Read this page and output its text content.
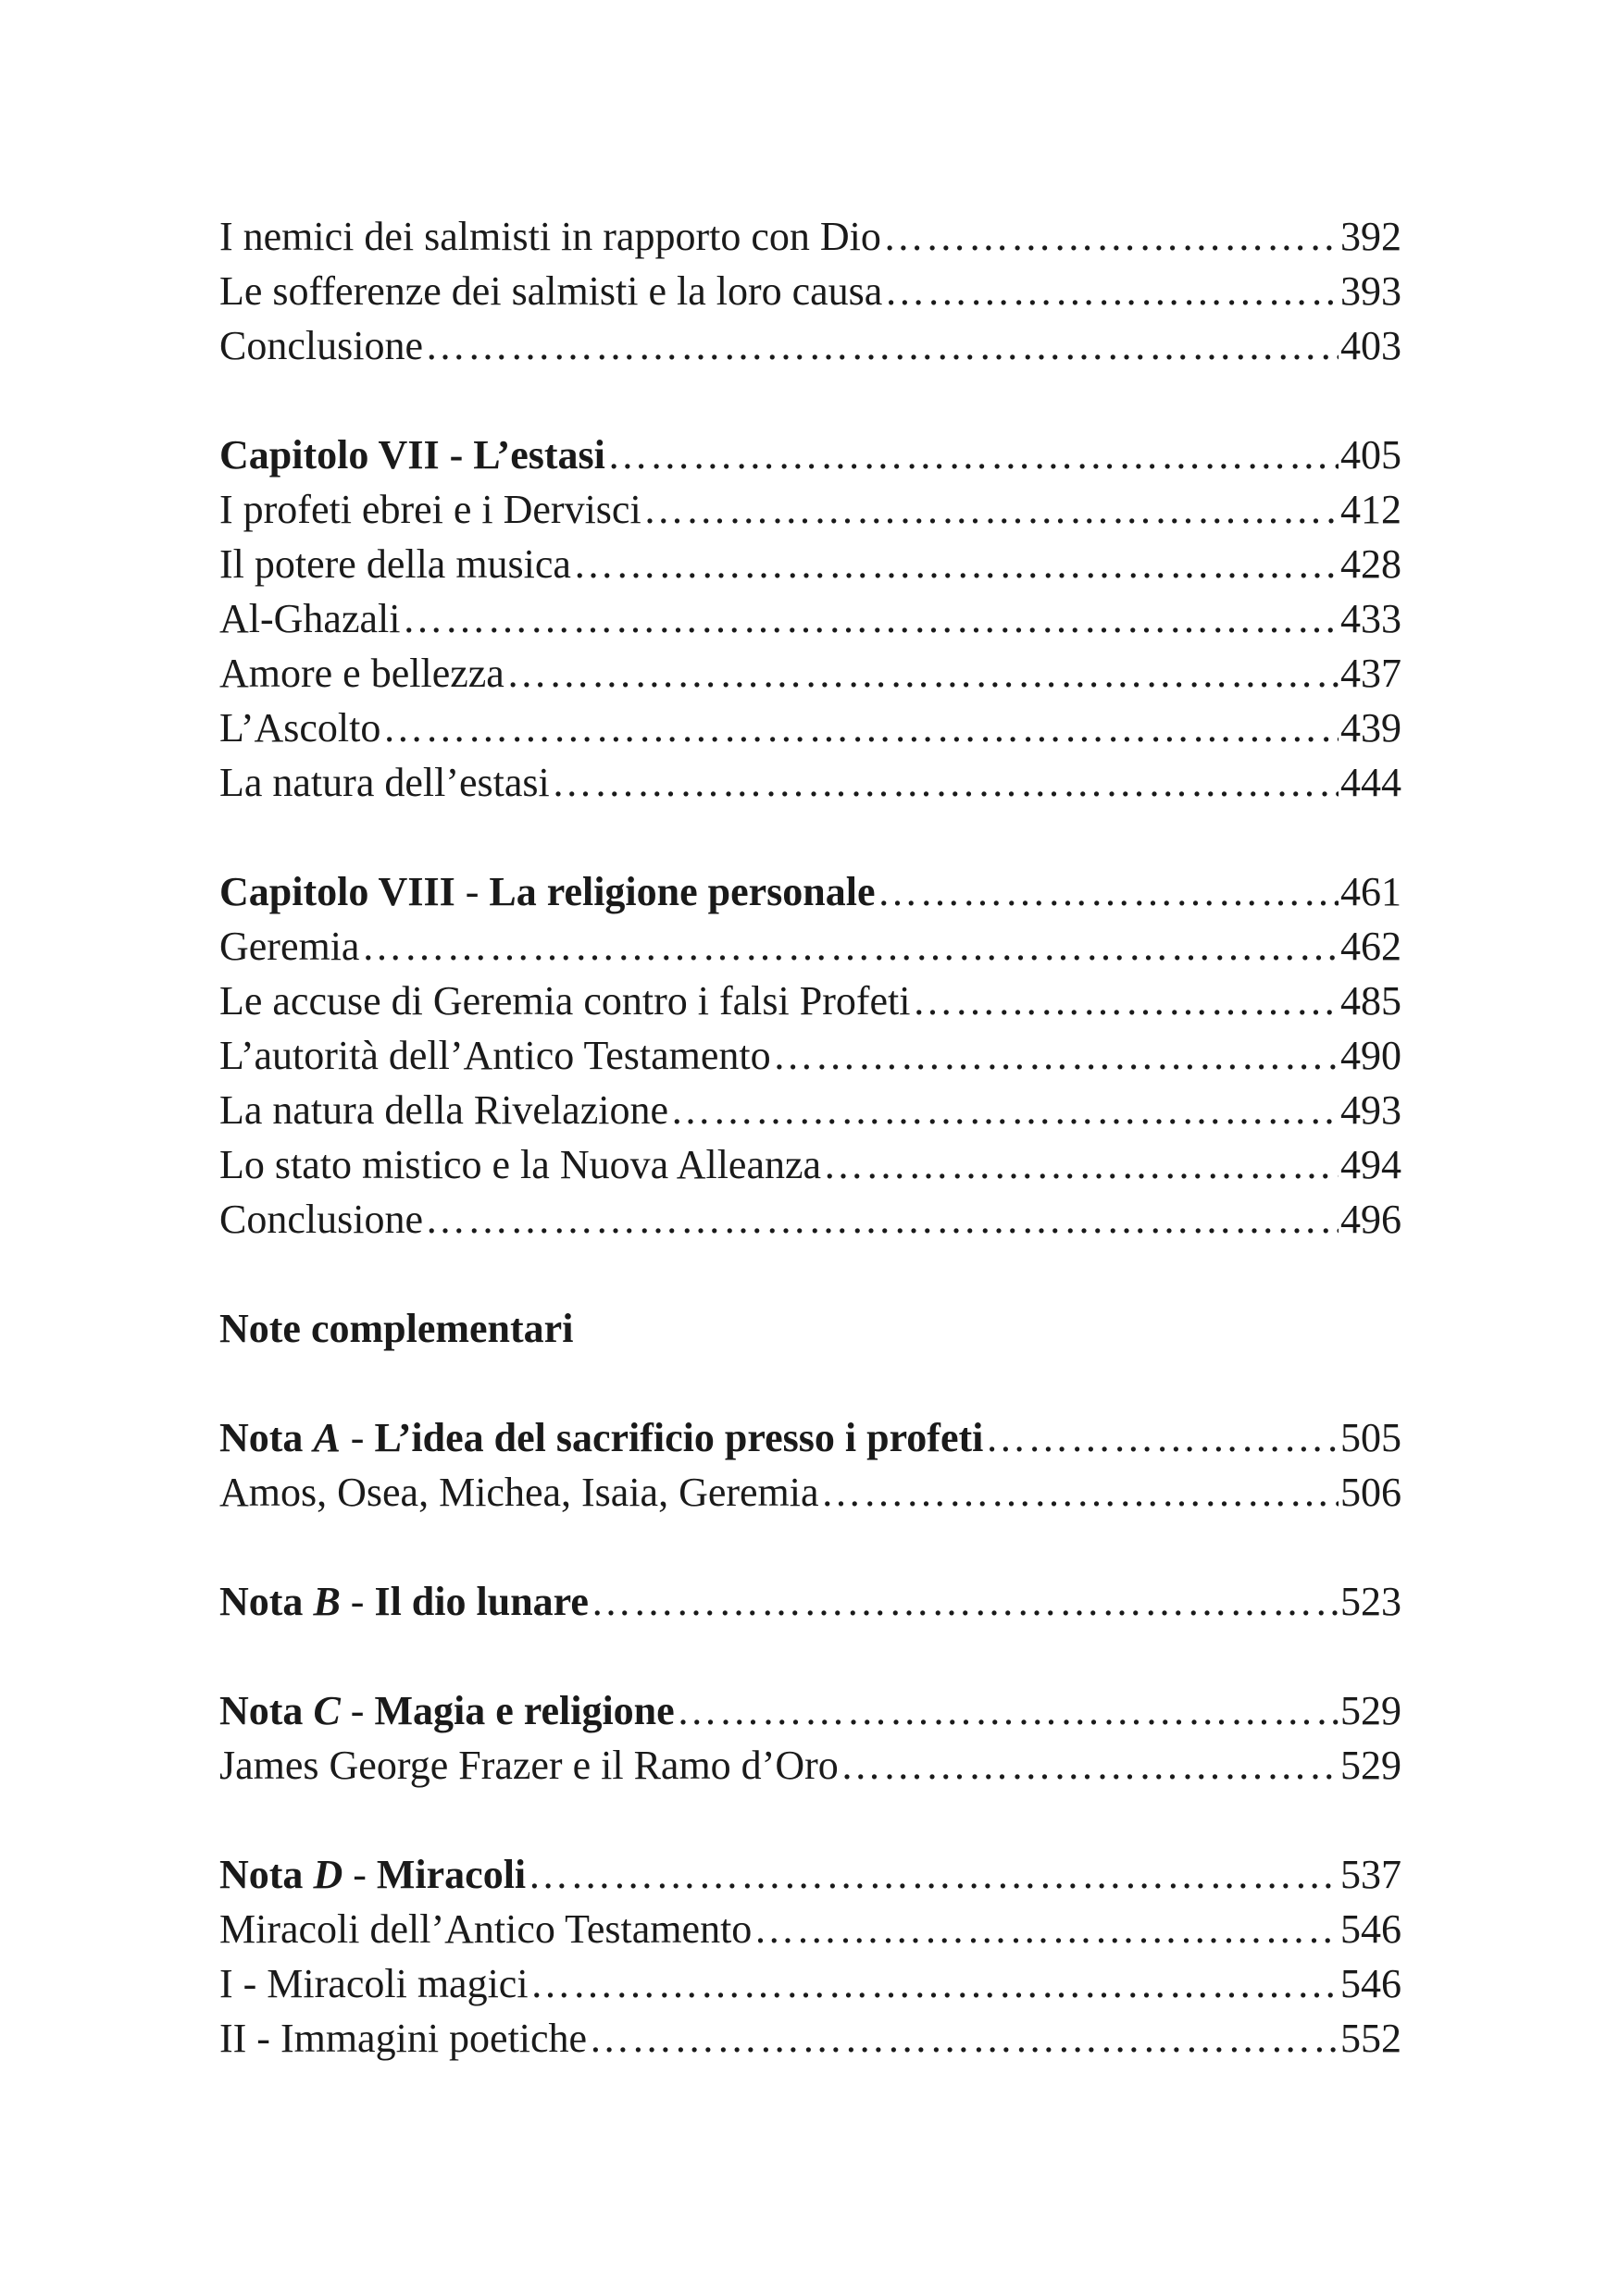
I nemici dei salmisti in rapporto con Dio ………………………………………………………………………………………………………………………………………………………………………………………………………………	392
Le sofferenze dei salmisti e la loro causa ………………………………………………………………………………………………………………………………………………………………………………………………………………	393
Conclusione ………………………………………………………………………………………………………………………………………………………………………………………………………………	403
Capitolo VII - L’estasi ………………………………………………………………………………………………………………………………………………………………………………………………………………	405
I profeti ebrei e i Dervisci ………………………………………………………………………………………………………………………………………………………………………………………………………………	412
Il potere della musica ………………………………………………………………………………………………………………………………………………………………………………………………………………	428
Al-Ghazali ………………………………………………………………………………………………………………………………………………………………………………………………………………	433
Amore e bellezza ………………………………………………………………………………………………………………………………………………………………………………………………………………	437
L’Ascolto ………………………………………………………………………………………………………………………………………………………………………………………………………………	439
La natura dell’estasi ………………………………………………………………………………………………………………………………………………………………………………………………………………	444
Capitolo VIII - La religione personale ………………………………………………………………………………………………………………………………………………………………………………………………………………	461
Geremia ………………………………………………………………………………………………………………………………………………………………………………………………………………	462
Le accuse di Geremia contro i falsi Profeti ………………………………………………………………………………………………………………………………………………………………………………………………………………	485
L’autorità dell’Antico Testamento ………………………………………………………………………………………………………………………………………………………………………………………………………………	490
La natura della Rivelazione ………………………………………………………………………………………………………………………………………………………………………………………………………………	493
Lo stato mistico e la Nuova Alleanza ………………………………………………………………………………………………………………………………………………………………………………………………………………	494
Conclusione ………………………………………………………………………………………………………………………………………………………………………………………………………………	496
Note complementari
Nota A - L’idea del sacrificio presso i profeti ………………………………………………………………………………………………………………………………………………………………………………………………………………	505
Amos, Osea, Michea, Isaia, Geremia ………………………………………………………………………………………………………………………………………………………………………………………………………………	506
Nota B - Il dio lunare ………………………………………………………………………………………………………………………………………………………………………………………………………………	523
Nota C - Magia e religione ………………………………………………………………………………………………………………………………………………………………………………………………………………	529
James George Frazer e il Ramo d’Oro ………………………………………………………………………………………………………………………………………………………………………………………………………………	529
Nota D - Miracoli ………………………………………………………………………………………………………………………………………………………………………………………………………………	537
Miracoli dell’Antico Testamento ………………………………………………………………………………………………………………………………………………………………………………………………………………	546
I - Miracoli magici ………………………………………………………………………………………………………………………………………………………………………………………………………………	546
II - Immagini poetiche ………………………………………………………………………………………………………………………………………………………………………………………………………………	552
